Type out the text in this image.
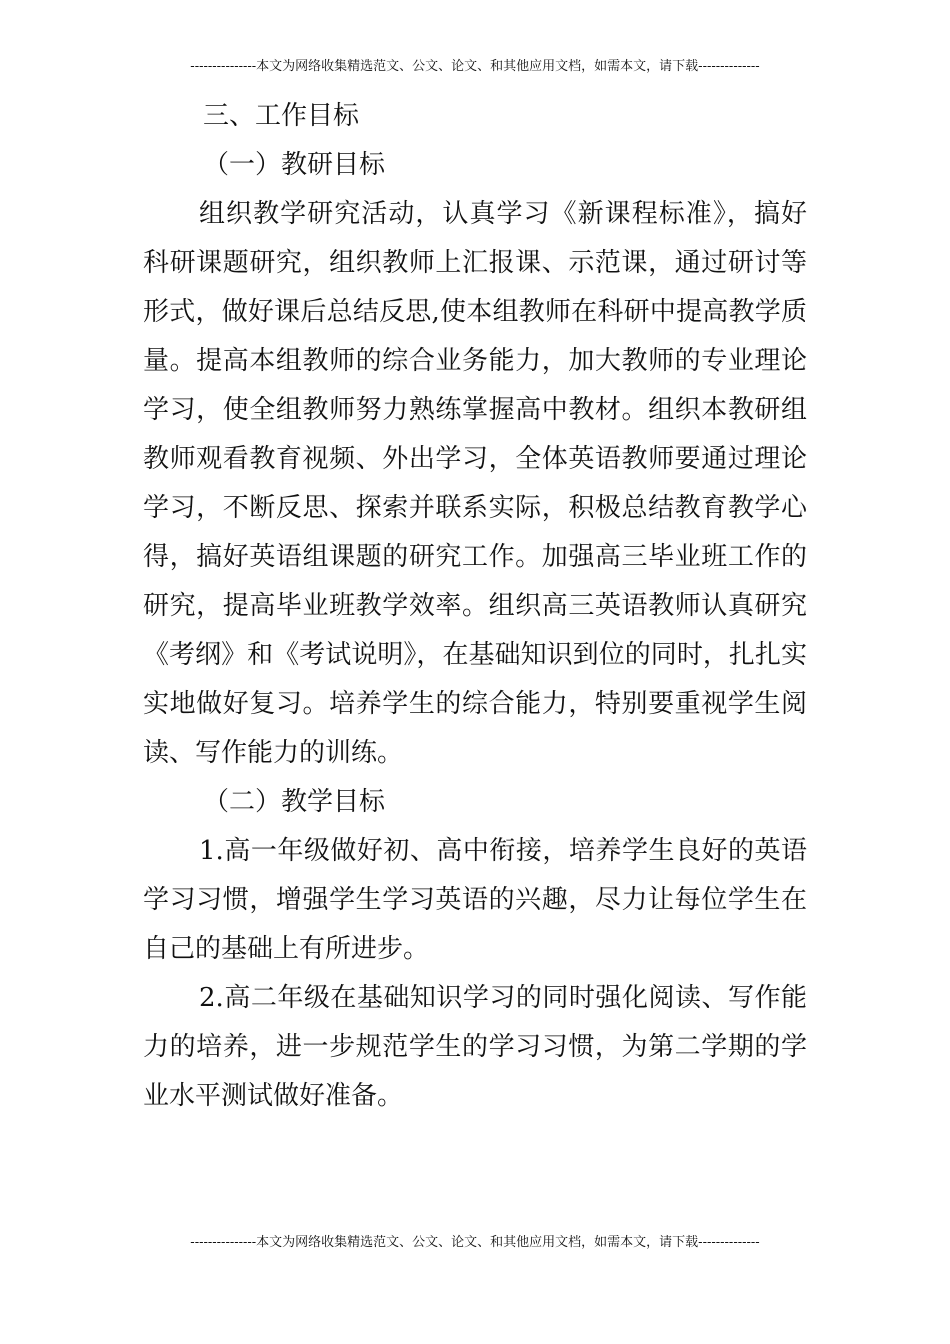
---------------本文为网络收集精选范文、公文、论文、和其他应用文档，如需本文，请下载--------------

三、工作目标

（一）教研目标

组织教学研究活动，认真学习《新课程标准》，搞好科研课题研究，组织教师上汇报课、示范课，通过研讨等形式，做好课后总结反思,使本组教师在科研中提高教学质量。提高本组教师的综合业务能力，加大教师的专业理论学习，使全组教师努力熟练掌握高中教材。组织本教研组教师观看教育视频、外出学习，全体英语教师要通过理论学习，不断反思、探索并联系实际，积极总结教育教学心得，搞好英语组课题的研究工作。加强高三毕业班工作的研究，提高毕业班教学效率。组织高三英语教师认真研究《考纲》和《考试说明》，在基础知识到位的同时，扎扎实实地做好复习。培养学生的综合能力，特别要重视学生阅读、写作能力的训练。

（二）教学目标

1.高一年级做好初、高中衔接，培养学生良好的英语学习习惯，增强学生学习英语的兴趣，尽力让每位学生在自己的基础上有所进步。

2.高二年级在基础知识学习的同时强化阅读、写作能力的培养，进一步规范学生的学习习惯，为第二学期的学业水平测试做好准备。

---------------本文为网络收集精选范文、公文、论文、和其他应用文档，如需本文，请下载--------------
